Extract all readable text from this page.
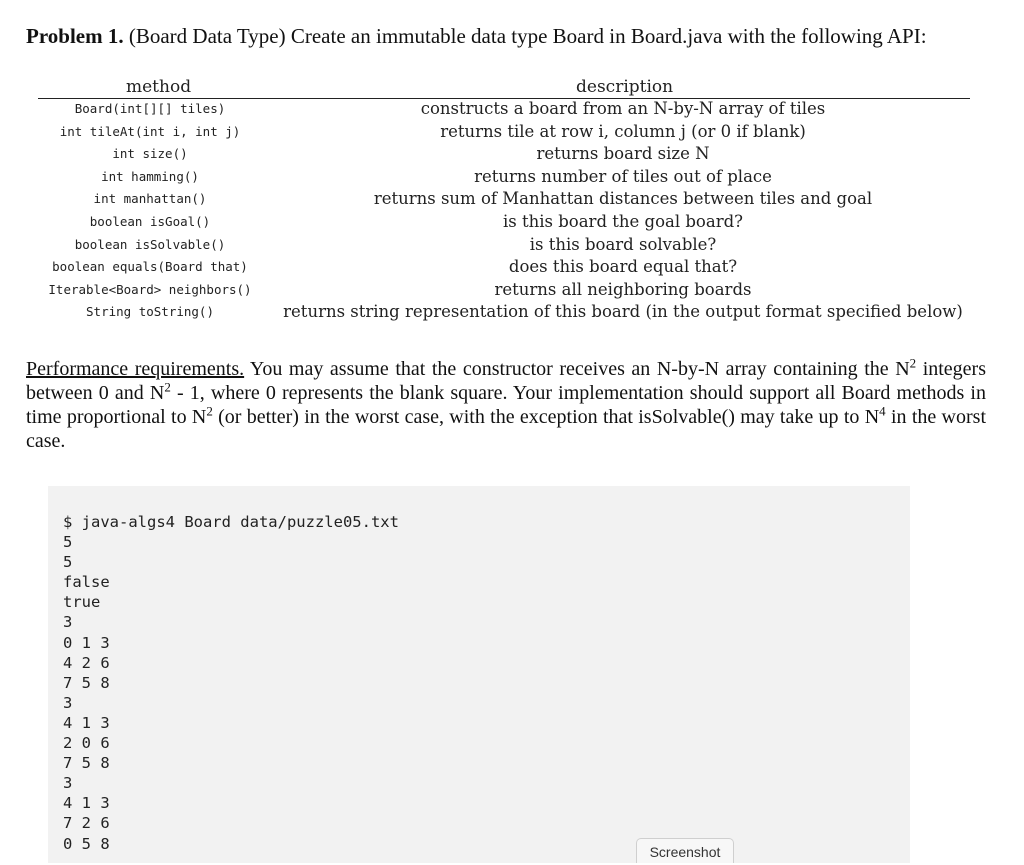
Problem 1. (Board Data Type) Create an immutable data type Board in Board.java with the following API:
method	description
Board(int[][] tiles)	constructs a board from an N-by-N array of tiles
int tileAt(int i, int j)	returns tile at row i, column j (or 0 if blank)
int size()	returns board size N
int hamming()	returns number of tiles out of place
int manhattan()	returns sum of Manhattan distances between tiles and goal
boolean isGoal()	is this board the goal board?
boolean isSolvable()	is this board solvable?
boolean equals(Board that)	does this board equal that?
Iterable<Board> neighbors()	returns all neighboring boards
String toString()	returns string representation of this board (in the output format specified below)
Performance requirements. You may assume that the constructor receives an N-by-N array containing the $N^2$ integers between 0 and $N^2 - 1$, where 0 represents the blank square. Your implementation should support all Board methods in time proportional to $N^2$ (or better) in the worst case, with the exception that isSolvable() may take up to $N^4$ in the worst case.
$ java-algs4 Board data/puzzle05.txt
5
5
false
true
3
0 1 3
4 2 6
7 5 8
3
4 1 3
2 0 6
7 5 8
3
4 1 3
7 2 6
0 5 8	Screenshot
